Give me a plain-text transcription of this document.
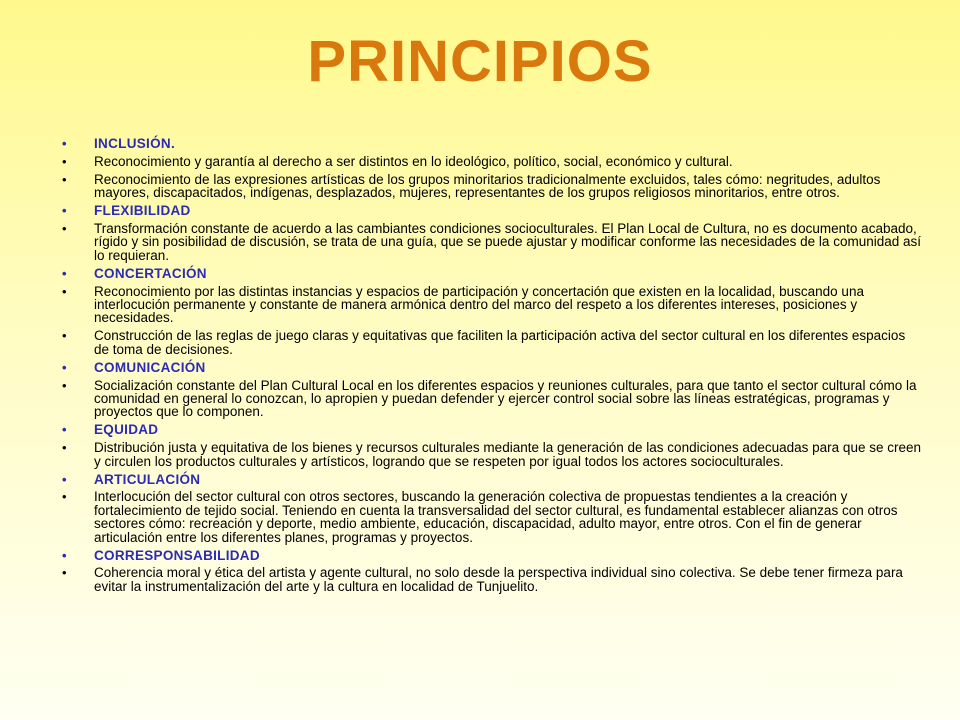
PRINCIPIOS
• INCLUSIÓN.
• Reconocimiento y garantía al derecho a ser distintos en lo ideológico, político, social, económico y cultural.
• Reconocimiento de las expresiones artísticas de los grupos minoritarios tradicionalmente excluidos, tales cómo: negritudes, adultos mayores, discapacitados, indígenas, desplazados, mujeres, representantes de los grupos religiosos minoritarios, entre otros.
• FLEXIBILIDAD
• Transformación constante de acuerdo a las cambiantes condiciones socioculturales. El Plan Local de Cultura, no es documento acabado, rígido y sin posibilidad de discusión, se trata de una guía, que se puede ajustar y modificar conforme las necesidades de la comunidad así lo requieran.
• CONCERTACIÓN
• Reconocimiento por las distintas instancias y espacios de participación y concertación que existen en la localidad, buscando una interlocución permanente y constante de manera armónica dentro del marco del respeto a los diferentes intereses, posiciones y necesidades.
• Construcción de las reglas de juego claras y equitativas que faciliten la participación activa del sector cultural en los diferentes espacios de toma de decisiones.
• COMUNICACIÓN
• Socialización constante del Plan Cultural Local en los diferentes espacios y reuniones culturales, para que tanto el sector cultural cómo la comunidad en general lo conozcan, lo apropien y puedan defender y ejercer control social sobre las líneas estratégicas, programas y proyectos que lo componen.
• EQUIDAD
• Distribución justa y equitativa de los bienes y recursos culturales mediante la generación de las condiciones adecuadas para que se creen y circulen los productos culturales y artísticos, logrando que se respeten por igual todos los actores socioculturales.
• ARTICULACIÓN
• Interlocución del sector cultural con otros sectores, buscando la generación colectiva de propuestas tendientes a la creación y fortalecimiento de tejido social. Teniendo en cuenta la transversalidad del sector cultural, es fundamental establecer alianzas con otros sectores cómo: recreación y deporte, medio ambiente, educación, discapacidad, adulto mayor, entre otros. Con el fin de generar articulación entre los diferentes planes, programas y proyectos.
• CORRESPONSABILIDAD
• Coherencia moral y ética del artista y agente cultural, no solo desde la perspectiva individual sino colectiva. Se debe tener firmeza para evitar la instrumentalización del arte y la cultura en localidad de Tunjuelito.
